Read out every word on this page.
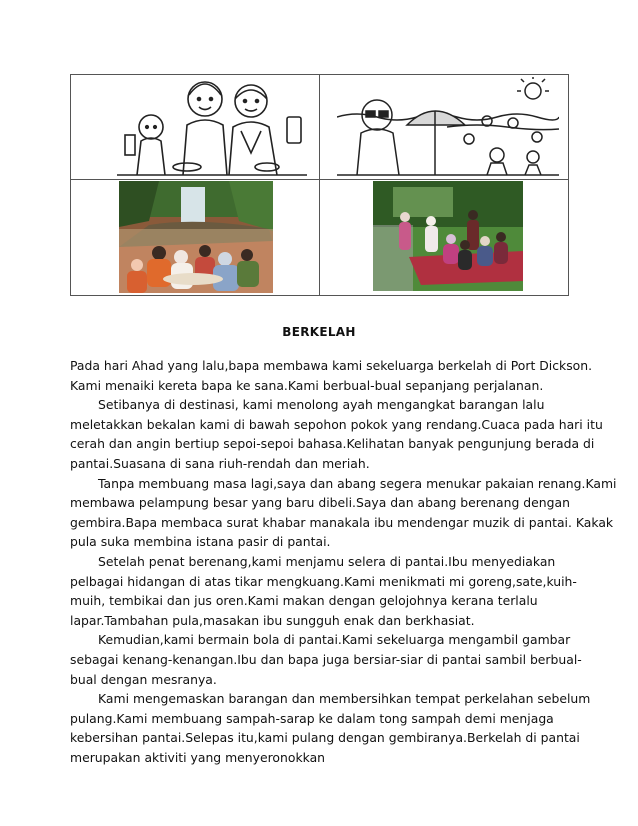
BERKELAH
Pada hari Ahad yang lalu,bapa membawa kami sekeluarga berkelah di Port Dickson.
Kami menaiki kereta bapa ke sana.Kami berbual-bual sepanjang perjalanan.
Setibanya di destinasi, kami menolong ayah mengangkat barangan lalu
meletakkan bekalan kami di bawah sepohon pokok yang rendang.Cuaca pada hari itu
cerah dan angin bertiup sepoi-sepoi bahasa.Kelihatan banyak pengunjung berada di
pantai.Suasana di sana riuh-rendah dan meriah.
Tanpa membuang masa lagi,saya dan abang segera menukar pakaian renang.Kami
membawa pelampung besar yang baru dibeli.Saya dan abang berenang dengan
gembira.Bapa membaca surat khabar manakala ibu mendengar muzik di pantai. Kakak
pula suka membina istana pasir di pantai.
Setelah penat berenang,kami menjamu selera di pantai.Ibu menyediakan
pelbagai hidangan di atas tikar mengkuang.Kami menikmati mi goreng,sate,kuih-
muih, tembikai dan jus oren.Kami makan dengan gelojohnya kerana terlalu
lapar.Tambahan pula,masakan ibu sungguh enak dan berkhasiat.
Kemudian,kami bermain bola di pantai.Kami sekeluarga mengambil gambar
sebagai kenang-kenangan.Ibu dan bapa juga bersiar-siar di pantai sambil berbual-
bual dengan mesranya.
Kami mengemaskan barangan dan membersihkan tempat perkelahan sebelum
pulang.Kami membuang sampah-sarap ke dalam tong sampah demi menjaga
kebersihan pantai.Selepas itu,kami pulang dengan gembiranya.Berkelah di pantai
merupakan aktiviti yang menyeronokkan
